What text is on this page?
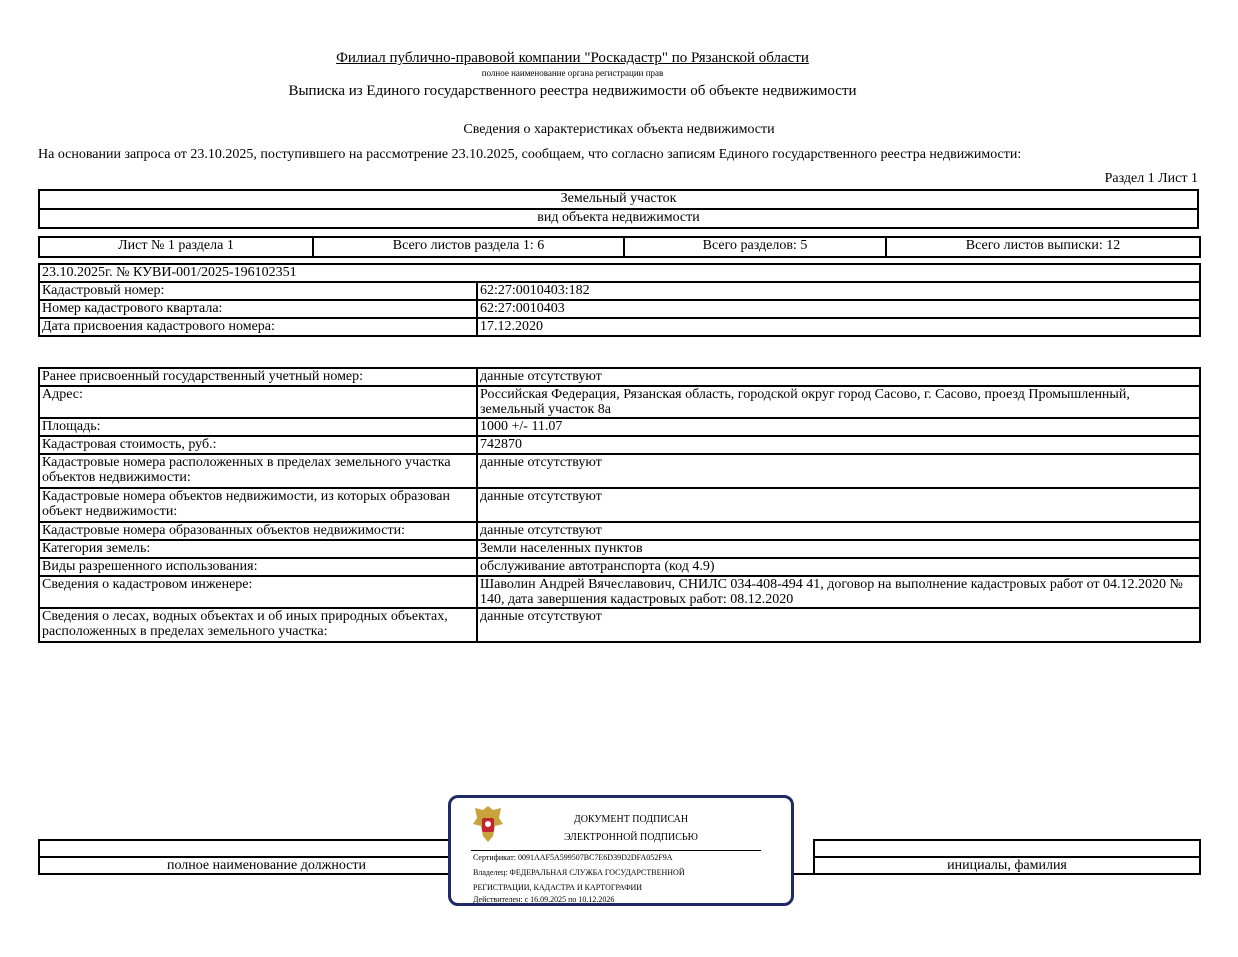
Филиал публично-правовой компании "Роскадастр" по Рязанской области
полное наименование органа регистрации прав
Выписка из Единого государственного реестра недвижимости об объекте недвижимости
Сведения о характеристиках объекта недвижимости
На основании запроса от 23.10.2025, поступившего на рассмотрение 23.10.2025, сообщаем, что согласно записям Единого государственного реестра недвижимости:
Раздел 1 Лист 1
Земельный участок
вид объекта недвижимости
Лист № 1 раздела 1	Всего листов раздела 1: 6	Всего разделов: 5	Всего листов выписки: 12
23.10.2025г. № КУВИ-001/2025-196102351	
Кадастровый номер:	62:27:0010403:182
Номер кадастрового квартала:	62:27:0010403
Дата присвоения кадастрового номера:	17.12.2020
Ранее присвоенный государственный учетный номер:	данные отсутствуют
Адрес:	Российская Федерация, Рязанская область, городской округ город Сасово, г. Сасово, проезд Промышленный, земельный участок 8а
Площадь:	1000 +/- 11.07
Кадастровая стоимость, руб.:	742870
Кадастровые номера расположенных в пределах земельного участка объектов недвижимости:	данные отсутствуют
Кадастровые номера объектов недвижимости, из которых образован объект недвижимости:	данные отсутствуют
Кадастровые номера образованных объектов недвижимости:	данные отсутствуют
Категория земель:	Земли населенных пунктов
Виды разрешенного использования:	обслуживание автотранспорта (код 4.9)
Сведения о кадастровом инженере:	Шаволин Андрей Вячеславович, СНИЛС 034-408-494 41, договор на выполнение кадастровых работ от 04.12.2020 № 140, дата завершения кадастровых работ: 08.12.2020
Сведения о лесах, водных объектах и об иных природных объектах, расположенных в пределах земельного участка:	данные отсутствуют

полное наименование должности		инициалы, фамилия
ДОКУМЕНТ ПОДПИСАН
ЭЛЕКТРОННОЙ ПОДПИСЬЮ
Сертификат: 0091AAF5A599507BC7E6D39D2DFA052F9A
Владелец: ФЕДЕРАЛЬНАЯ СЛУЖБА ГОСУДАРСТВЕННОЙ
РЕГИСТРАЦИИ, КАДАСТРА И КАРТОГРАФИИ
Действителен: с 16.09.2025 по 10.12.2026
